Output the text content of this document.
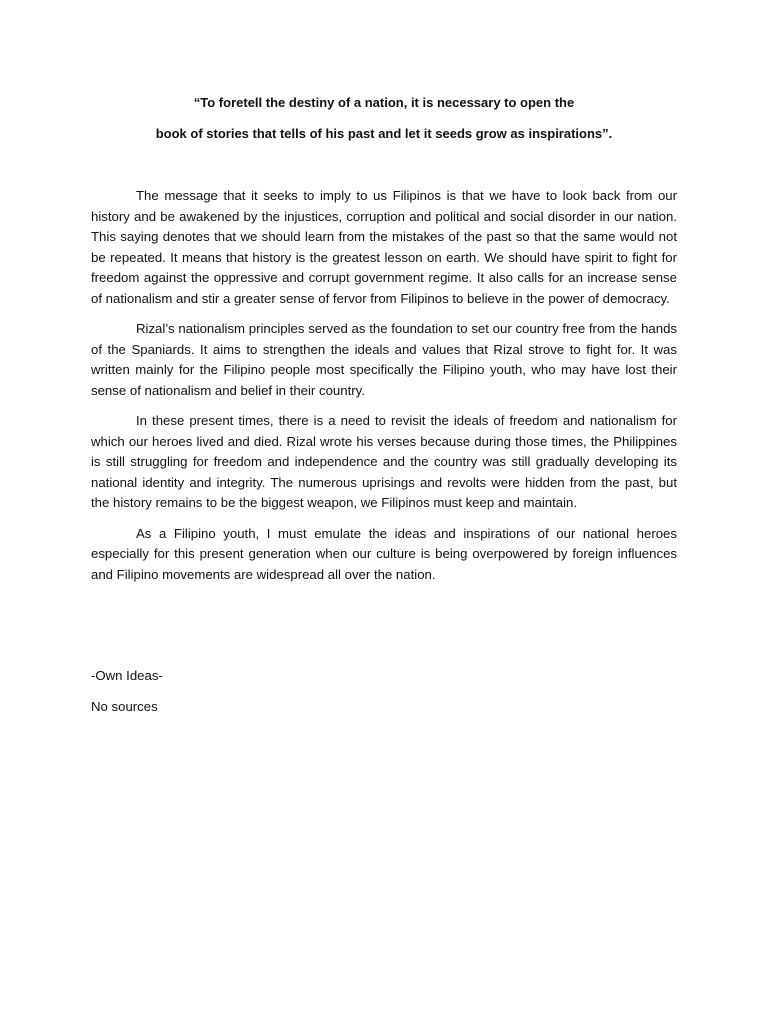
“To foretell the destiny of a nation, it is necessary to open the
book of stories that tells of his past and let it seeds grow as inspirations”.

The message that it seeks to imply to us Filipinos is that we have to look back from our history and be awakened by the injustices, corruption and political and social disorder in our nation. This saying denotes that we should learn from the mistakes of the past so that the same would not be repeated. It means that history is the greatest lesson on earth. We should have spirit to fight for freedom against the oppressive and corrupt government regime. It also calls for an increase sense of nationalism and stir a greater sense of fervor from Filipinos to believe in the power of democracy.

Rizal’s nationalism principles served as the foundation to set our country free from the hands of the Spaniards. It aims to strengthen the ideals and values that Rizal strove to fight for. It was written mainly for the Filipino people most specifically the Filipino youth, who may have lost their sense of nationalism and belief in their country.

In these present times, there is a need to revisit the ideals of freedom and nationalism for which our heroes lived and died. Rizal wrote his verses because during those times, the Philippines is still struggling for freedom and independence and the country was still gradually developing its national identity and integrity. The numerous uprisings and revolts were hidden from the past, but the history remains to be the biggest weapon, we Filipinos must keep and maintain.

As a Filipino youth, I must emulate the ideas and inspirations of our national heroes especially for this present generation when our culture is being overpowered by foreign influences and Filipino movements are widespread all over the nation.

-Own Ideas-
No sources
